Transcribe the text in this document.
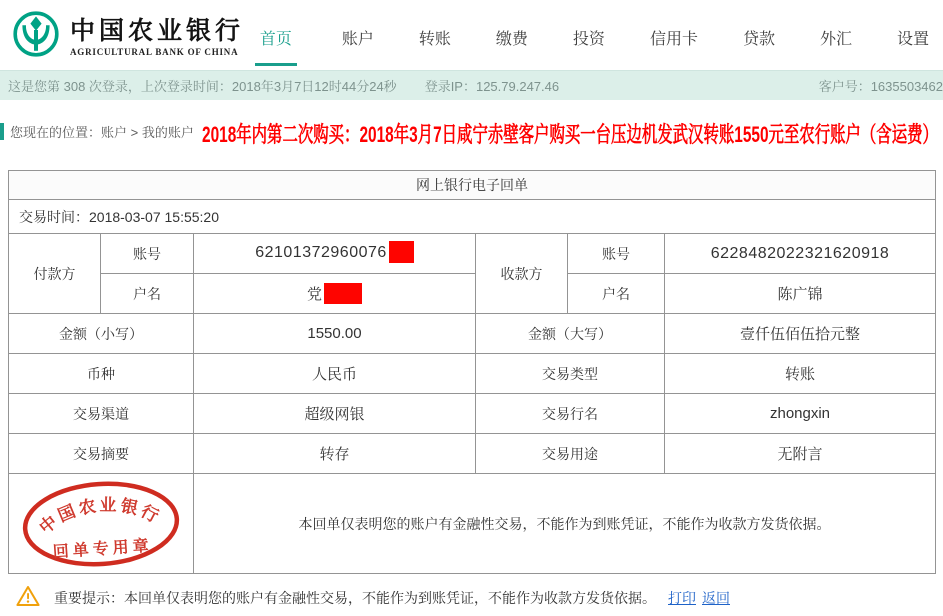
中国农业银行
AGRICULTURAL BANK OF CHINA
首页	账户	转账	缴费	投资	信用卡	贷款	外汇	设置
这是您第 308 次登录，上次登录时间：2018年3月7日12时44分24秒 登录IP：125.79.247.46	客户号：1635503462
您现在的位置：账户 > 我的账户 2018年内第二次购买：2018年3月7日咸宁赤壁客户购买一台压边机发武汉转账1550元至农行账户（含运费）
网上银行电子回单					
交易时间：2018-03-07 15:55:20					
付款方	账号	62101372960076	收款方	账号	6228482022321620918
	户名	党		户名	陈广锦
金额（小写）		1550.00	金额（大写）		壹仟伍佰伍拾元整
币种		人民币	交易类型		转账
交易渠道		超级网银	交易行名		zhongxin
交易摘要		转存	交易用途		无附言

中国农业银行
回单专用章		本回单仅表明您的账户有金融性交易，不能作为到账凭证，不能作为收款方发货依据。			
重要提示：本回单仅表明您的账户有金融性交易，不能作为到账凭证，不能作为收款方发货依据。 打印 返回
